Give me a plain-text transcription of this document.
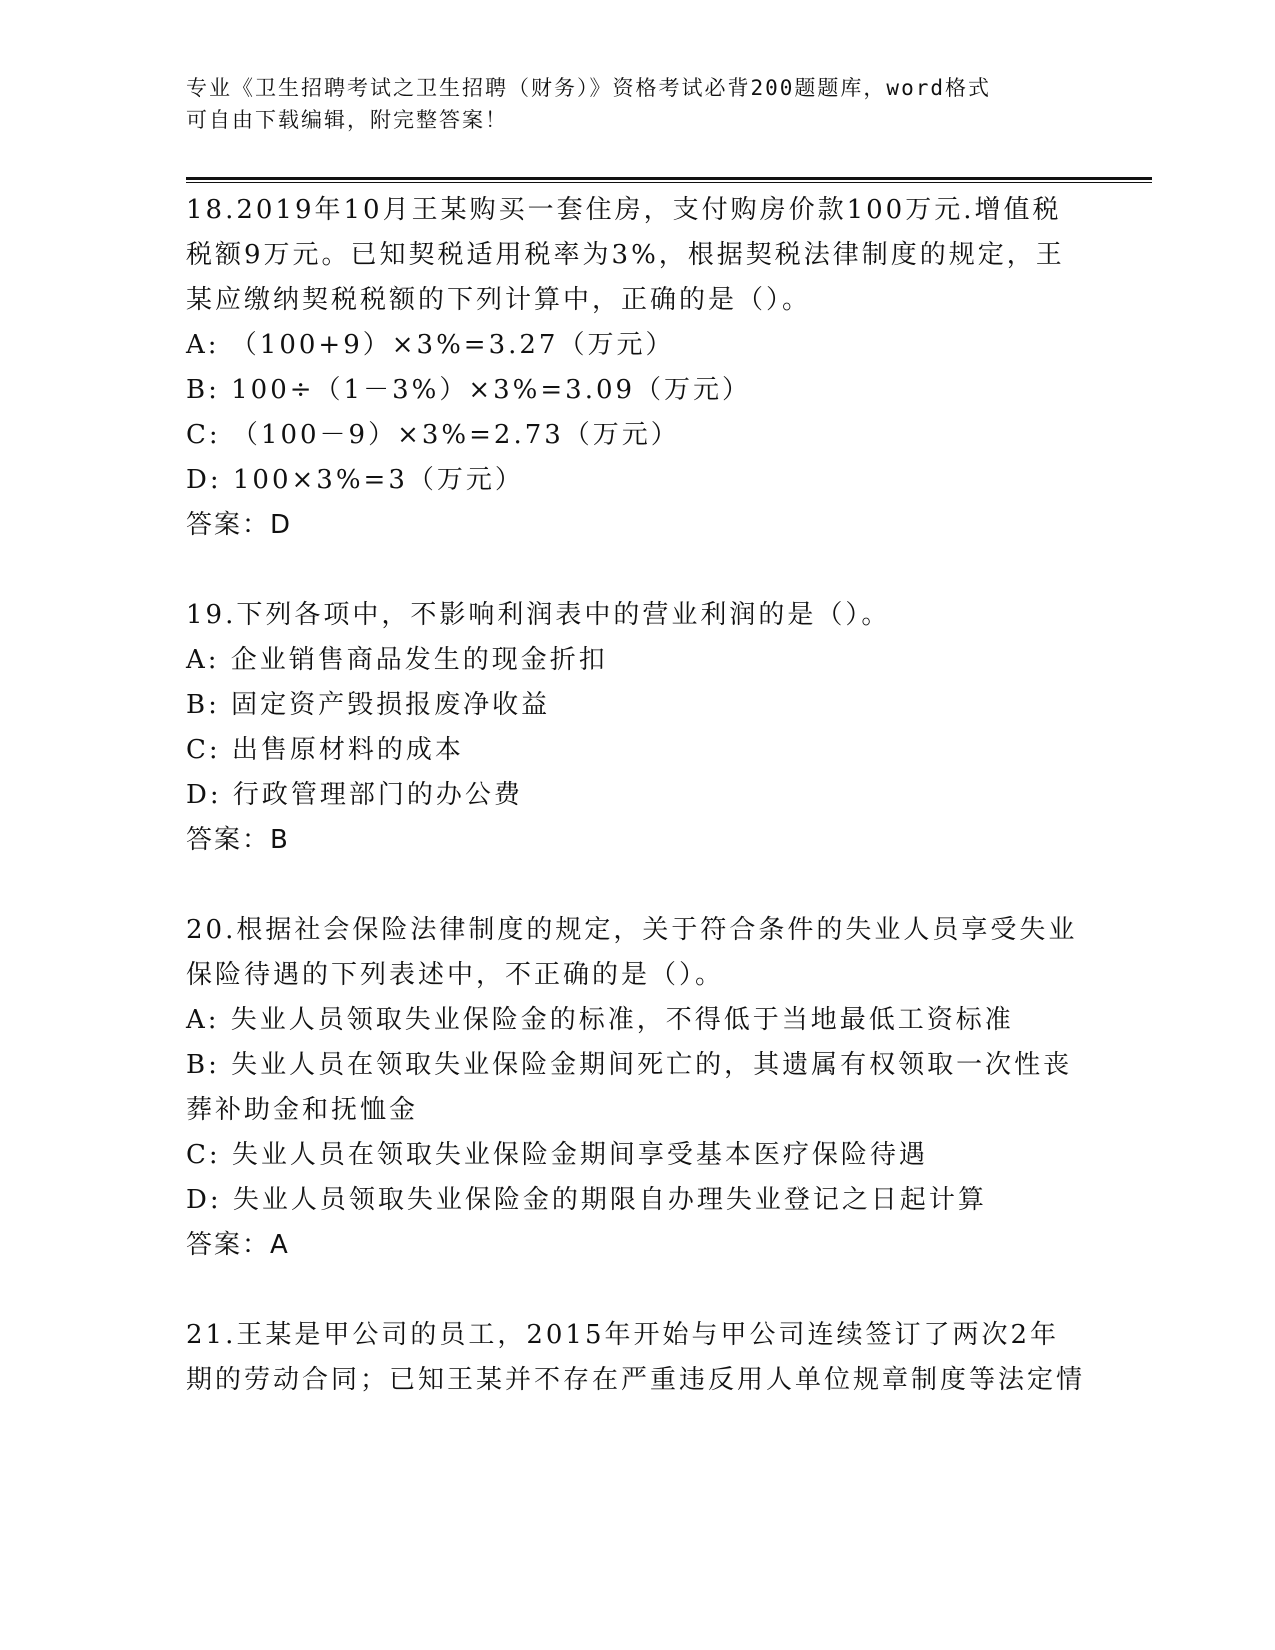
专业《卫生招聘考试之卫生招聘（财务）》资格考试必背200题题库，word格式
可自由下载编辑，附完整答案！

18.2019年10月王某购买一套住房，支付购房价款100万元.增值税税额9万元。已知契税适用税率为3%，根据契税法律制度的规定，王某应缴纳契税税额的下列计算中，正确的是（）。

A: （100+9）×3%=3.27（万元）

B: 100÷（1－3%）×3%=3.09（万元）

C: （100－9）×3%=2.73（万元）

D: 100×3%=3（万元）

答案：D

19.下列各项中，不影响利润表中的营业利润的是（）。

A: 企业销售商品发生的现金折扣

B: 固定资产毁损报废净收益

C: 出售原材料的成本

D: 行政管理部门的办公费

答案：B

20.根据社会保险法律制度的规定，关于符合条件的失业人员享受失业保险待遇的下列表述中，不正确的是（）。

A: 失业人员领取失业保险金的标准，不得低于当地最低工资标准

B: 失业人员在领取失业保险金期间死亡的，其遗属有权领取一次性丧葬补助金和抚恤金

C: 失业人员在领取失业保险金期间享受基本医疗保险待遇

D: 失业人员领取失业保险金的期限自办理失业登记之日起计算

答案：A

21.王某是甲公司的员工，2015年开始与甲公司连续签订了两次2年期的劳动合同；已知王某并不存在严重违反用人单位规章制度等法定情
